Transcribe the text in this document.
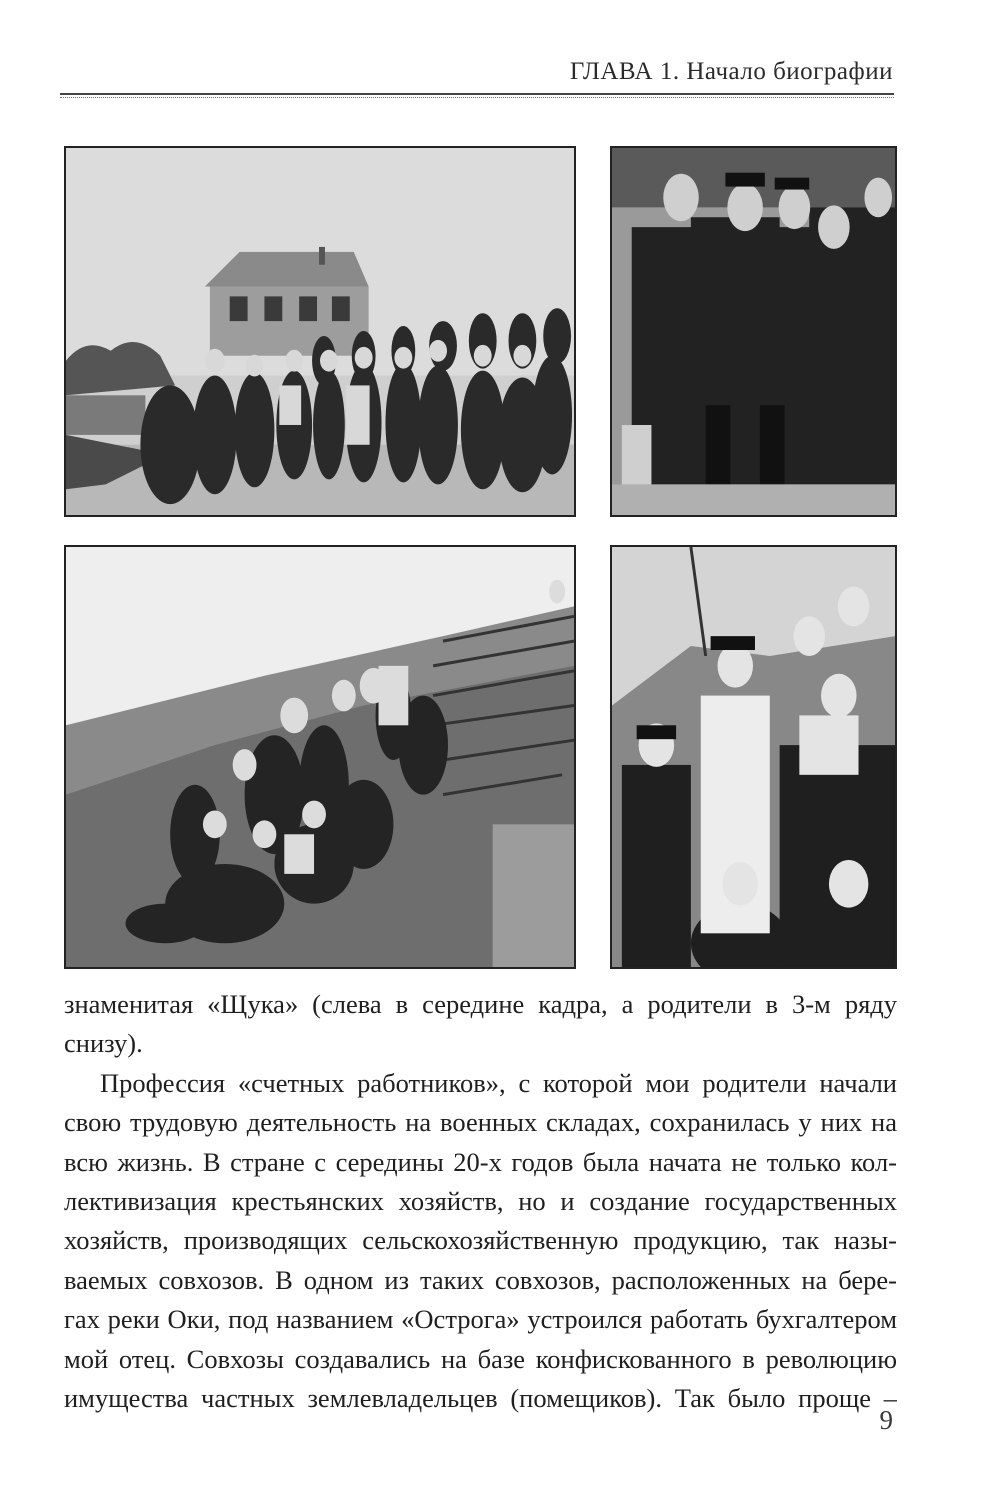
ГЛАВА 1. Начало биографии
знаменитая «Щука» (слева в середине кадра, а родители в 3-м ряду
снизу).
Профессия «счетных работников», с которой мои родители начали
свою трудовую деятельность на военных складах, сохранилась у них на
всю жизнь. В стране с середины 20-х годов была начата не только кол-
лективизация крестьянских хозяйств, но и создание государственных
хозяйств, производящих сельскохозяйственную продукцию, так назы-
ваемых совхозов. В одном из таких совхозов, расположенных на бере-
гах реки Оки, под названием «Острога» устроился работать бухгалтером
мой отец. Совхозы создавались на базе конфискованного в революцию
имущества частных землевладельцев (помещиков). Так было проще –
9
